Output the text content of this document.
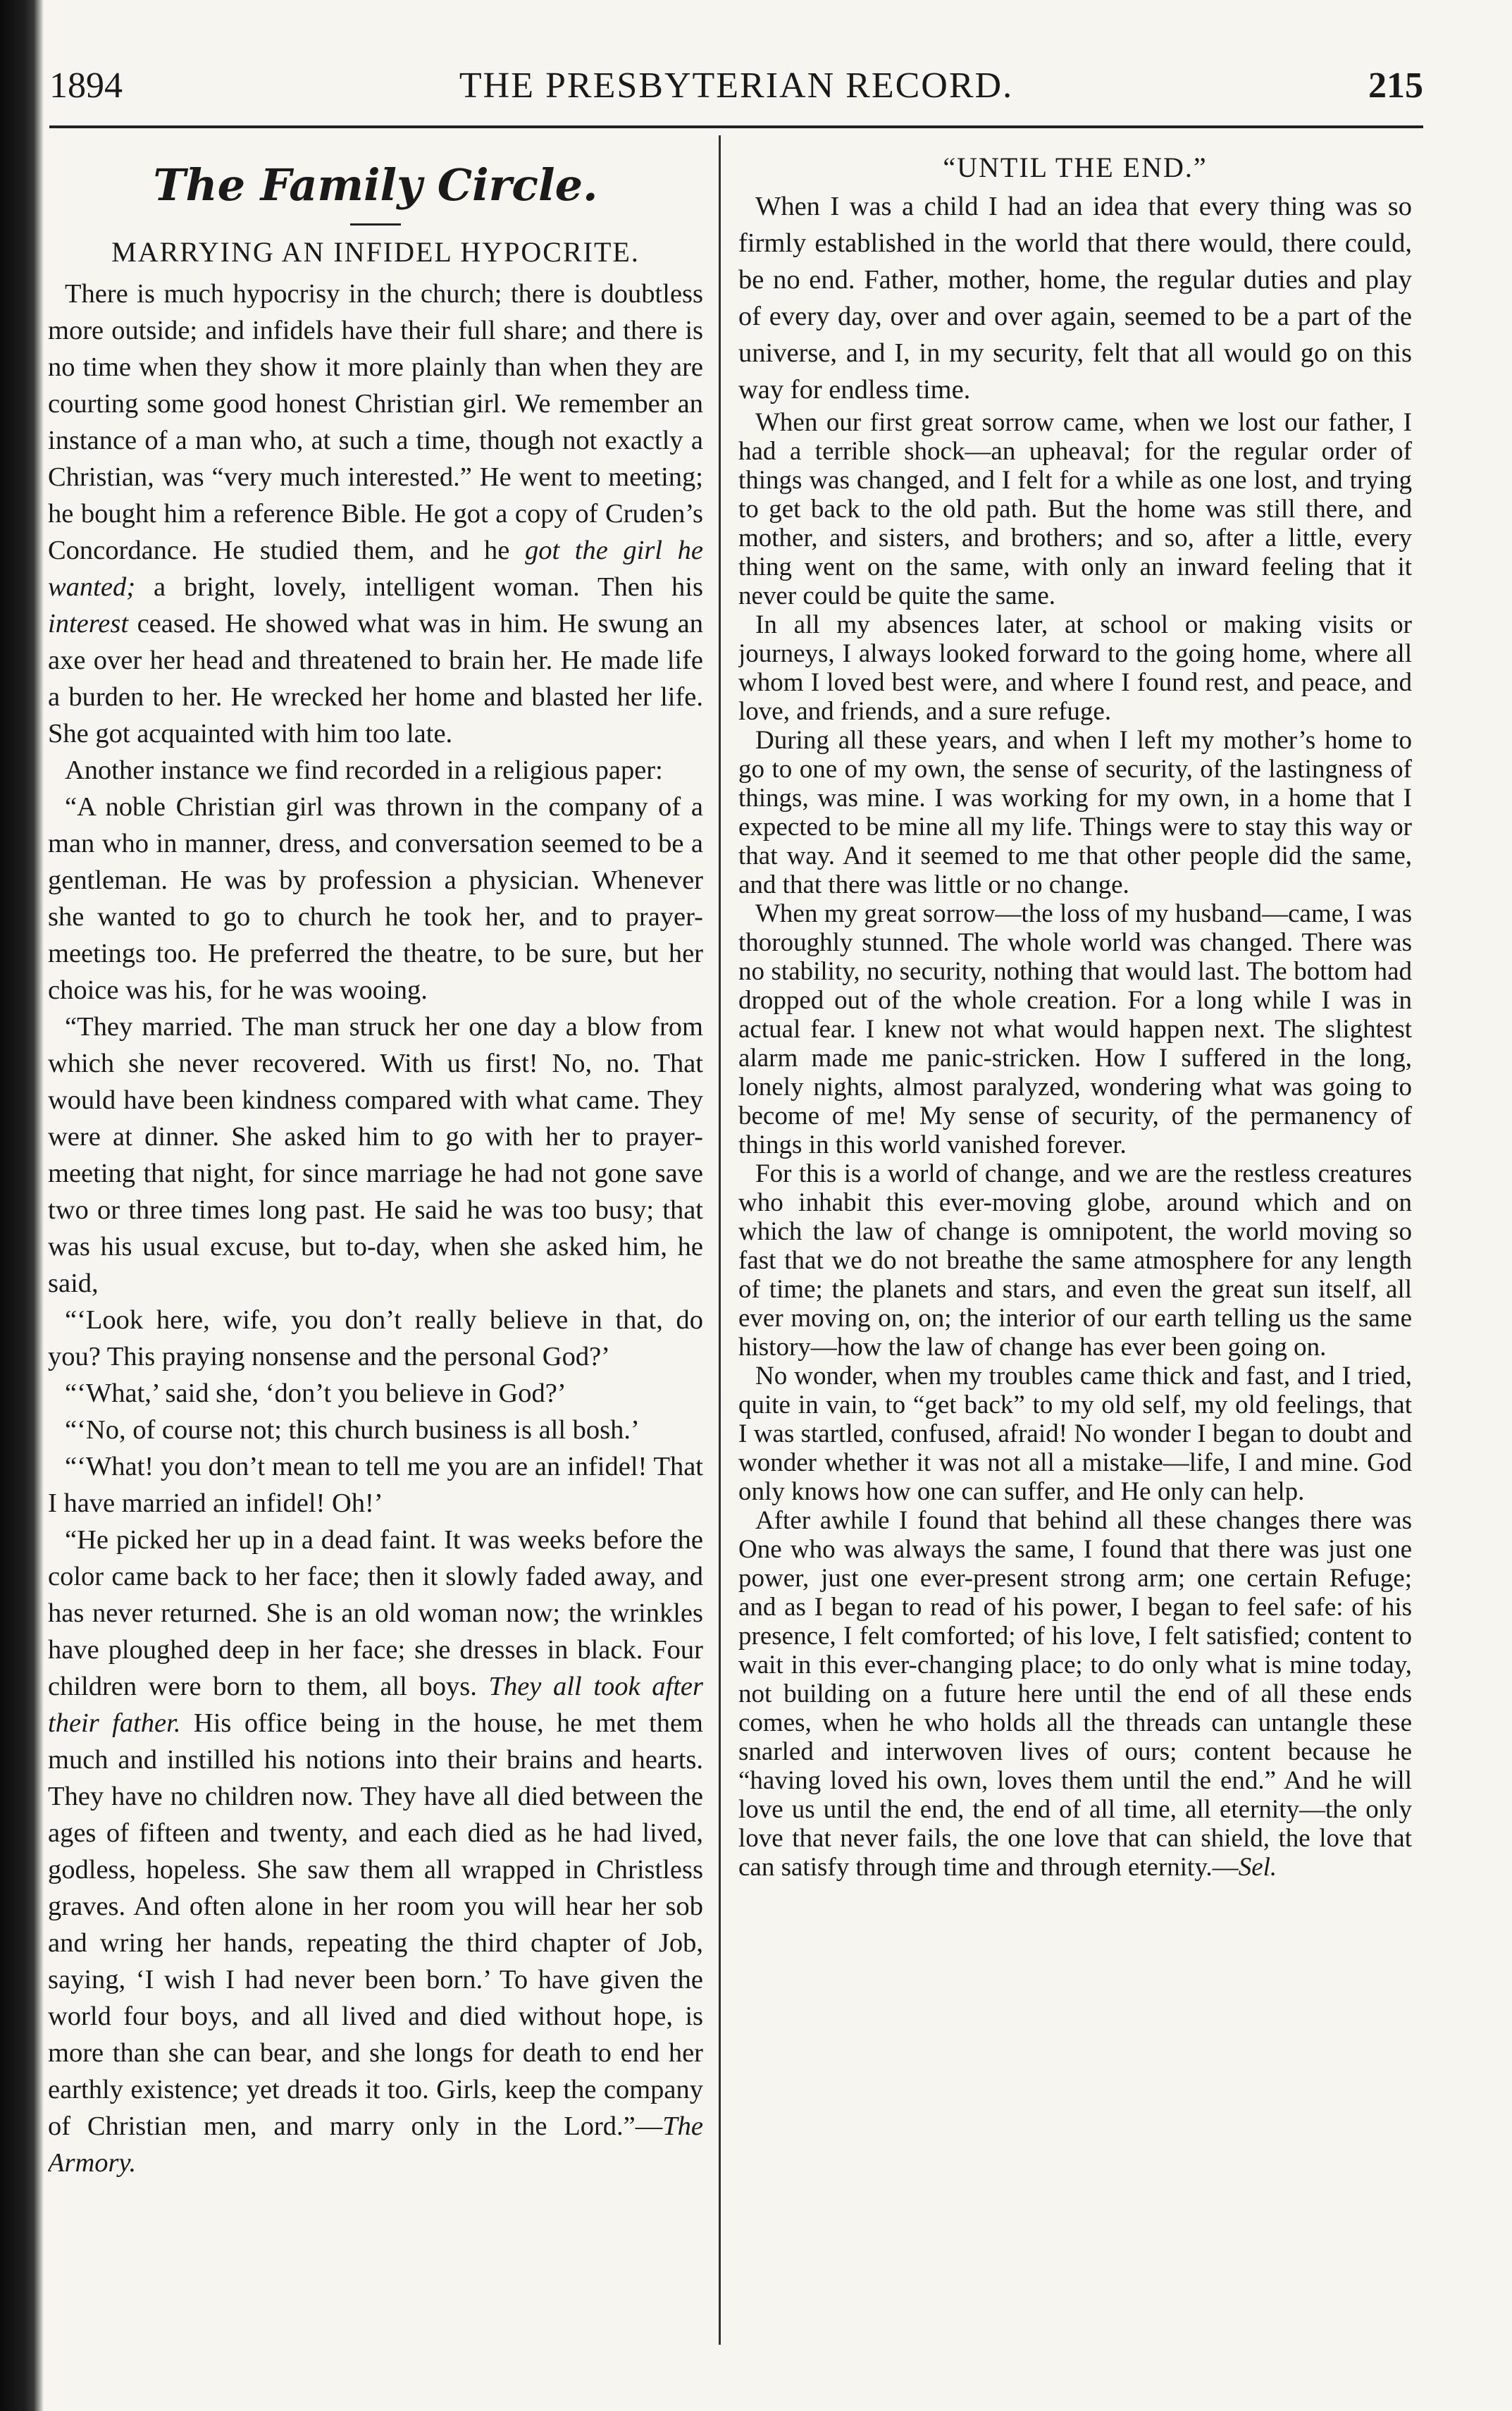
1894	THE PRESBYTERIAN RECORD.	215
The Family Circle.
MARRYING AN INFIDEL HYPOCRITE.

There is much hypocrisy in the church; there is doubtless more outside; and infidels have their full share; and there is no time when they show it more plainly than when they are courting some good honest Christian girl. We remember an instance of a man who, at such a time, though not exactly a Christian, was “very much interested.” He went to meeting; he bought him a reference Bible. He got a copy of Cruden’s Concordance. He studied them, and he got the girl he wanted; a bright, lovely, intelligent woman. Then his interest ceased. He showed what was in him. He swung an axe over her head and threatened to brain her. He made life a burden to her. He wrecked her home and blasted her life. She got acquainted with him too late.

Another instance we find recorded in a religious paper:

“A noble Christian girl was thrown in the company of a man who in manner, dress, and conversation seemed to be a gentleman. He was by profession a physician. Whenever she wanted to go to church he took her, and to prayer-meetings too. He preferred the theatre, to be sure, but her choice was his, for he was wooing.

“They married. The man struck her one day a blow from which she never recovered. With us first! No, no. That would have been kindness compared with what came. They were at dinner. She asked him to go with her to prayer-meeting that night, for since marriage he had not gone save two or three times long past. He said he was too busy; that was his usual excuse, but to-day, when she asked him, he said,

“‘Look here, wife, you don’t really believe in that, do you? This praying nonsense and the personal God?’

“‘What,’ said she, ‘don’t you believe in God?’

“‘No, of course not; this church business is all bosh.’

“‘What! you don’t mean to tell me you are an infidel! That I have married an infidel! Oh!’

“He picked her up in a dead faint. It was weeks before the color came back to her face; then it slowly faded away, and has never returned. She is an old woman now; the wrinkles have ploughed deep in her face; she dresses in black. Four children were born to them, all boys. They all took after their father. His office being in the house, he met them much and instilled his notions into their brains and hearts. They have no children now. They have all died between the ages of fifteen and twenty, and each died as he had lived, godless, hopeless. She saw them all wrapped in Christless graves. And often alone in her room you will hear her sob and wring her hands, repeating the third chapter of Job, saying, ‘I wish I had never been born.’ To have given the world four boys, and all lived and died without hope, is more than she can bear, and she longs for death to end her earthly existence; yet dreads it too. Girls, keep the company of Christian men, and marry only in the Lord.”—The Armory.

“UNTIL THE END.”

When I was a child I had an idea that every thing was so firmly established in the world that there would, there could, be no end. Father, mother, home, the regular duties and play of every day, over and over again, seemed to be a part of the universe, and I, in my security, felt that all would go on this way for endless time.

When our first great sorrow came, when we lost our father, I had a terrible shock—an upheaval; for the regular order of things was changed, and I felt for a while as one lost, and trying to get back to the old path. But the home was still there, and mother, and sisters, and brothers; and so, after a little, every thing went on the same, with only an inward feeling that it never could be quite the same.

In all my absences later, at school or making visits or journeys, I always looked forward to the going home, where all whom I loved best were, and where I found rest, and peace, and love, and friends, and a sure refuge.

During all these years, and when I left my mother’s home to go to one of my own, the sense of security, of the lastingness of things, was mine. I was working for my own, in a home that I expected to be mine all my life. Things were to stay this way or that way. And it seemed to me that other people did the same, and that there was little or no change.

When my great sorrow—the loss of my husband—came, I was thoroughly stunned. The whole world was changed. There was no stability, no security, nothing that would last. The bottom had dropped out of the whole creation. For a long while I was in actual fear. I knew not what would happen next. The slightest alarm made me panic-stricken. How I suffered in the long, lonely nights, almost paralyzed, wondering what was going to become of me! My sense of security, of the permanency of things in this world vanished forever.

For this is a world of change, and we are the restless creatures who inhabit this ever-moving globe, around which and on which the law of change is omnipotent, the world moving so fast that we do not breathe the same atmosphere for any length of time; the planets and stars, and even the great sun itself, all ever moving on, on; the interior of our earth telling us the same history—how the law of change has ever been going on.

No wonder, when my troubles came thick and fast, and I tried, quite in vain, to “get back” to my old self, my old feelings, that I was startled, confused, afraid! No wonder I began to doubt and wonder whether it was not all a mistake—life, I and mine. God only knows how one can suffer, and He only can help.

After awhile I found that behind all these changes there was One who was always the same, I found that there was just one power, just one ever-present strong arm; one certain Refuge; and as I began to read of his power, I began to feel safe: of his presence, I felt comforted; of his love, I felt satisfied; content to wait in this ever-changing place; to do only what is mine today, not building on a future here until the end of all these ends comes, when he who holds all the threads can untangle these snarled and interwoven lives of ours; content because he “having loved his own, loves them until the end.” And he will love us until the end, the end of all time, all eternity—the only love that never fails, the one love that can shield, the love that can satisfy through time and through eternity.—Sel.
